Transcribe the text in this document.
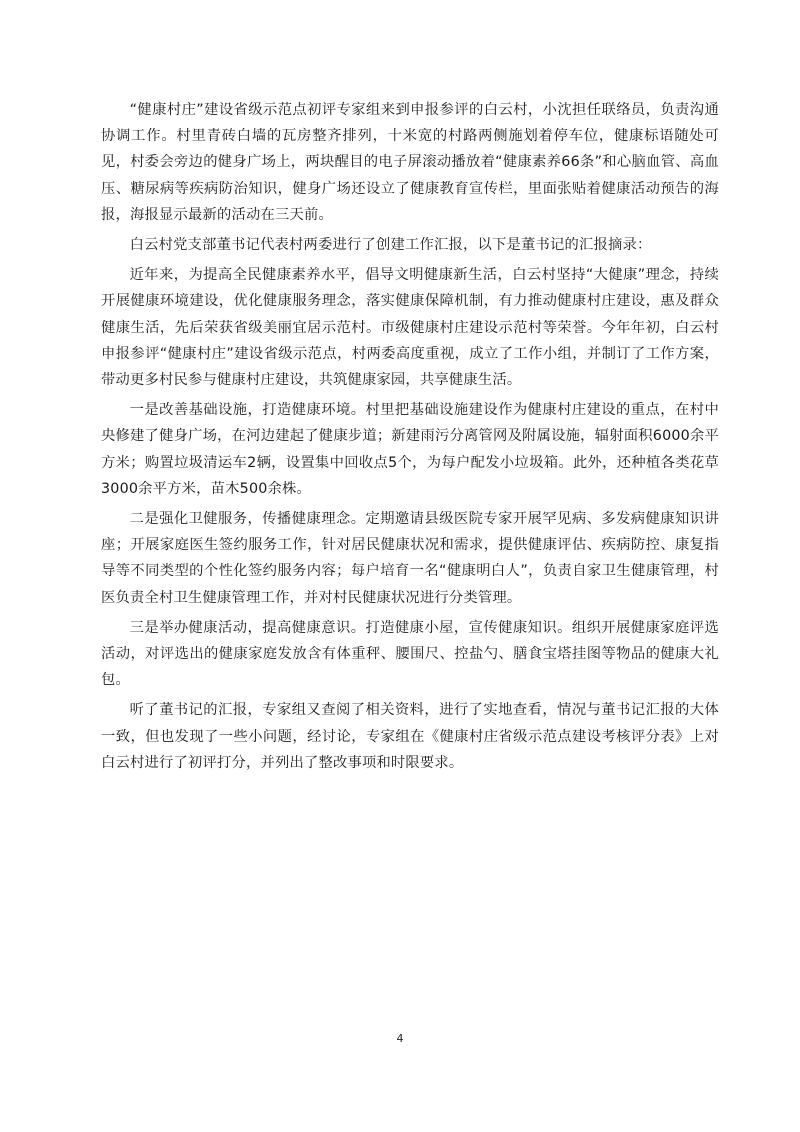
“健康村庄”建设省级示范点初评专家组来到申报参评的白云村，小沈担任联络员，负责沟通协调工作。村里青砖白墙的瓦房整齐排列，十米宽的村路两侧施划着停车位，健康标语随处可见，村委会旁边的健身广场上，两块醒目的电子屏滚动播放着“健康素养66条”和心脑血管、高血压、糖尿病等疾病防治知识，健身广场还设立了健康教育宣传栏，里面张贴着健康活动预告的海报，海报显示最新的活动在三天前。

白云村党支部董书记代表村两委进行了创建工作汇报，以下是董书记的汇报摘录：

近年来，为提高全民健康素养水平，倡导文明健康新生活，白云村坚持“大健康”理念，持续开展健康环境建设，优化健康服务理念，落实健康保障机制，有力推动健康村庄建设，惠及群众健康生活，先后荣获省级美丽宜居示范村。市级健康村庄建设示范村等荣誉。今年年初，白云村申报参评“健康村庄”建设省级示范点，村两委高度重视，成立了工作小组，并制订了工作方案，带动更多村民参与健康村庄建设，共筑健康家园，共享健康生活。

一是改善基础设施，打造健康环境。村里把基础设施建设作为健康村庄建设的重点，在村中央修建了健身广场，在河边建起了健康步道；新建雨污分离管网及附属设施，辐射面积6000余平方米；购置垃圾清运车2辆，设置集中回收点5个，为每户配发小垃圾箱。此外，还种植各类花草3000余平方米，苗木500余株。

二是强化卫健服务，传播健康理念。定期邀请县级医院专家开展罕见病、多发病健康知识讲座；开展家庭医生签约服务工作，针对居民健康状况和需求，提供健康评估、疾病防控、康复指导等不同类型的个性化签约服务内容；每户培育一名“健康明白人”，负责自家卫生健康管理，村医负责全村卫生健康管理工作，并对村民健康状况进行分类管理。

三是举办健康活动，提高健康意识。打造健康小屋，宣传健康知识。组织开展健康家庭评选活动，对评选出的健康家庭发放含有体重秤、腰围尺、控盐勺、膳食宝塔挂图等物品的健康大礼包。

听了董书记的汇报，专家组又查阅了相关资料，进行了实地查看，情况与董书记汇报的大体一致，但也发现了一些小问题，经讨论，专家组在《健康村庄省级示范点建设考核评分表》上对白云村进行了初评打分，并列出了整改事项和时限要求。

4
